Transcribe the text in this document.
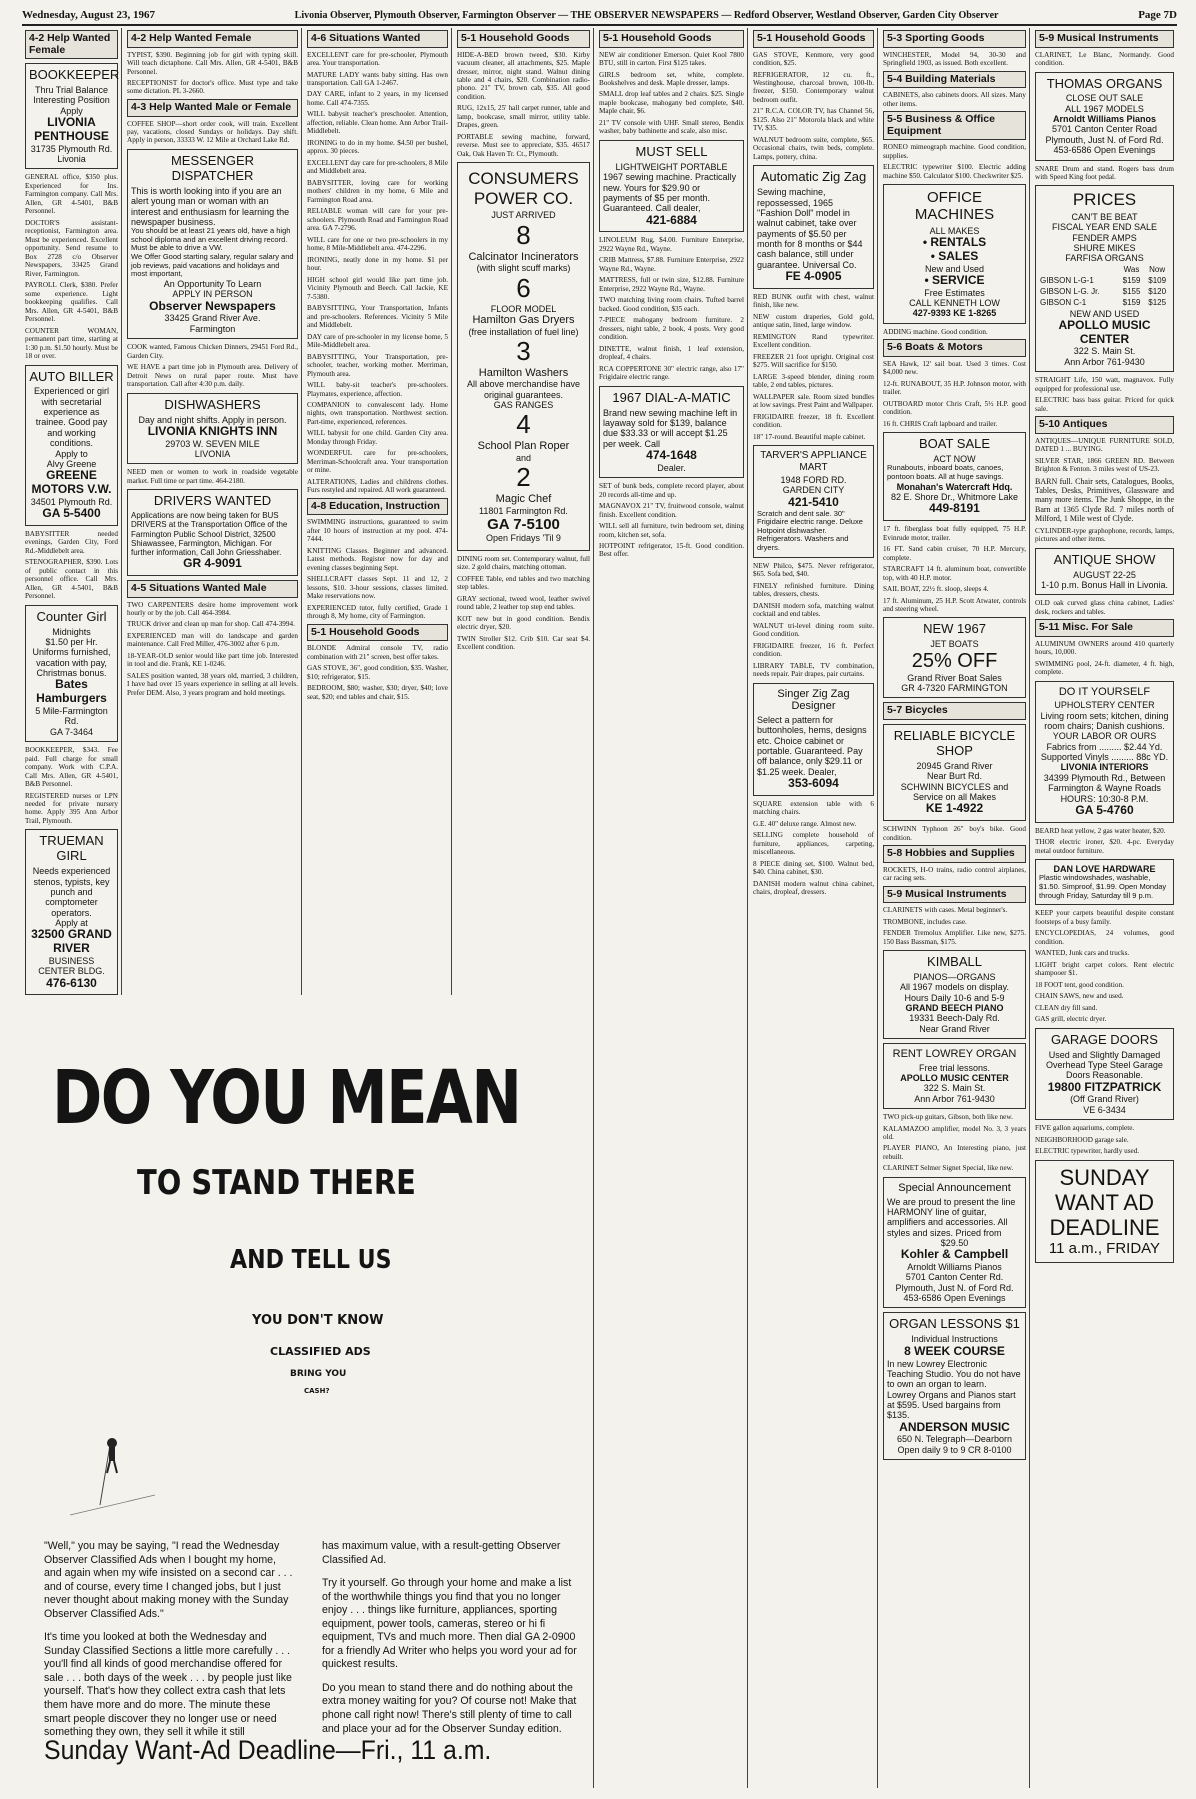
Wednesday, August 23, 1967	Livonia Observer, Plymouth Observer, Farmington Observer — THE OBSERVER NEWSPAPERS — Redford Observer, Westland Observer, Garden City Observer	Page 7D
4-2 Help Wanted Female
BOOKKEEPER
Thru Trial Balance
Interesting Position
Apply
LIVONIA PENTHOUSE
31735 Plymouth Rd.
Livonia
GENERAL office, $350 plus. Experienced for Ins. Farmington company. Call Mrs. Allen, GR 4-5401, B&B Personnel.
DOCTOR'S assistant-receptionist, Farmington area. Must be experienced. Excellent opportunity. Send resume to Box 2728 c/o Observer Newspapers, 33425 Grand River, Farmington.
PAYROLL Clerk, $380. Prefer some experience. Light bookkeeping qualifies. Call Mrs. Allen, GR 4-5401, B&B Personnel.
COUNTER WOMAN, permanent part time, starting at 1:30 p.m. $1.50 hourly. Must be 18 or over.
AUTO BILLER
Experienced or girl with secretarial experience as trainee. Good pay and working conditions.
Apply to
Alvy Greene
GREENE MOTORS V.W.
34501 Plymouth Rd.
GA 5-5400
BABYSITTER needed evenings, Garden City, Ford Rd.-Middlebelt area.
STENOGRAPHER, $390. Lots of public contact in this personnel office. Call Mrs. Allen, GR 4-5401, B&B Personnel.
Counter Girl
Midnights
$1.50 per Hr.
Uniforms furnished, vacation with pay, Christmas bonus.
Bates Hamburgers
5 Mile-Farmington Rd.
GA 7-3464
BOOKKEEPER, $343. Fee paid. Full charge for small company. Work with C.P.A. Call Mrs. Allen, GR 4-5401, B&B Personnel.
REGISTERED nurses or LPN needed for private nursery home. Apply 395 Ann Arbor Trail, Plymouth.
TRUEMAN GIRL
Needs experienced stenos, typists, key punch and comptometer operators.
Apply at
32500 GRAND RIVER
BUSINESS CENTER BLDG.
476-6130
4-2 Help Wanted Female
TYPIST, $390. Beginning job for girl with typing skill. Will teach dictaphone. Call Mrs. Allen, GR 4-5401, B&B Personnel.
RECEPTIONIST for doctor's office. Must type and take some dictation. PL 3-2660.
4-3 Help Wanted Male or Female
COFFEE SHOP—short order cook, will train. Excellent pay, vacations, closed Sundays or holidays. Day shift. Apply in person, 33333 W. 12 Mile at Orchard Lake Rd.
MESSENGER DISPATCHER
This is worth looking into if you are an alert young man or woman with an interest and enthusiasm for learning the newspaper business.
You should be at least 21 years old, have a high school diploma and an excellent driving record. Must be able to drive a VW.
We Offer Good starting salary, regular salary and job reviews, paid vacations and holidays and most important,
An Opportunity To Learn
APPLY IN PERSON
Observer Newspapers
33425 Grand River Ave.
Farmington
COOK wanted, Famous Chicken Dinners, 29451 Ford Rd., Garden City.
WE HAVE a part time job in Plymouth area. Delivery of Detroit News on rural paper route. Must have transportation. Call after 4:30 p.m. daily.
DISHWASHERS
Day and night shifts. Apply in person.
LIVONIA KNIGHTS INN
29703 W. SEVEN MILE
LIVONIA
NEED men or women to work in roadside vegetable market. Full time or part time. 464-2180.
DRIVERS WANTED
Applications are now being taken for BUS DRIVERS at the Transportation Office of the Farmington Public School District, 32500 Shiawassee, Farmington, Michigan. For further information, Call John Griesshaber.
GR 4-9091
4-5 Situations Wanted Male
TWO CARPENTERS desire home improvement work hourly or by the job. Call 464-3984.
TRUCK driver and clean up man for shop. Call 474-3994.
EXPERIENCED man will do landscape and garden maintenance. Call Fred Miller, 476-3002 after 6 p.m.
18-YEAR-OLD senior would like part time job. Interested in tool and die. Frank, KE 1-0246.
SALES position wanted, 38 years old, married, 3 children, I have had over 15 years experience in selling at all levels. Prefer DEM. Also, 3 years program and hold meetings.
4-6 Situations Wanted
EXCELLENT care for pre-schooler, Plymouth area. Your transportation.
MATURE LADY wants baby sitting. Has own transportation. Call GA 1-2467.
DAY CARE, infant to 2 years, in my licensed home. Call 474-7355.
WILL babysit teacher's preschooler. Attention, affection, reliable. Clean home. Ann Arbor Trail-Middlebelt.
IRONING to do in my home. $4.50 per bushel, approx. 30 pieces.
EXCELLENT day care for pre-schoolers, 8 Mile and Middlebelt area.
BABYSITTER, loving care for working mothers' children in my home, 6 Mile and Farmington Road area.
RELIABLE woman will care for your pre-schoolers. Plymouth Road and Farmington Road area. GA 7-2796.
WILL care for one or two pre-schoolers in my home, 8 Mile-Middlebelt area. 474-2296.
IRONING, neatly done in my home. $1 per hour.
HIGH school girl would like part time job. Vicinity Plymouth and Beech. Call Jackie, KE 7-5380.
BABYSITTING, Your Transportation, Infants and pre-schoolers. References. Vicinity 5 Mile and Middlebelt.
DAY care of pre-schooler in my license home, 5 Mile-Middlebelt area.
BABYSITTING, Your Transportation, pre-schooler, teacher, working mother. Merriman, Plymouth area.
WILL baby-sit teacher's pre-schoolers. Playmates, experience, affection.
COMPANION to convalescent lady. Home nights, own transportation. Northwest section. Part-time, experienced, references.
WILL babysit for one child. Garden City area. Monday through Friday.
WONDERFUL care for pre-schoolers, Merriman-Schoolcraft area. Your transportation or mine.
ALTERATIONS, Ladies and childrens clothes. Furs restyled and repaired. All work guaranteed.
4-8 Education, Instruction
SWIMMING instructions, guaranteed to swim after 10 hours of instruction at my pool. 474-7444.
KNITTING Classes. Beginner and advanced. Latest methods. Register now for day and evening classes beginning Sept.
SHELLCRAFT classes Sept. 11 and 12, 2 lessons, $10. 3-hour sessions, classes limited. Make reservations now.
EXPERIENCED tutor, fully certified, Grade 1 through 8, My home, city of Farmington.
5-1 Household Goods
BLONDE Admiral console TV, radio combination with 21" screen, best offer takes.
GAS STOVE, 36", good condition, $35. Washer, $10; refrigerator, $15.
BEDROOM, $80; washer, $30; dryer, $40; love seat, $20; end tables and chair, $15.
5-1 Household Goods
HIDE-A-BED brown tweed, $30. Kirby vacuum cleaner, all attachments, $25. Maple dresser, mirror, night stand. Walnut dining table and 4 chairs, $20. Combination radio-phono. 21" TV, brown cab, $35. All good condition.
RUG, 12x15, 25' hall carpet runner, table and lamp, bookcase, small mirror, utility table. Drapes, green.
PORTABLE sewing machine, forward, reverse. Must see to appreciate, $35. 46517 Oak, Oak Haven Tr. Ct., Plymouth.
CONSUMERS POWER CO.
JUST ARRIVED
8
Calcinator Incinerators
(with slight scuff marks)
6
FLOOR MODEL
Hamilton Gas Dryers
(free installation of fuel line)
3
Hamilton Washers
All above merchandise have original guarantees.
GAS RANGES
4
School Plan Roper
and
2
Magic Chef
11801 Farmington Rd.
GA 7-5100
Open Fridays 'Til 9
DINING room set. Contemporary walnut, full size. 2 gold chairs, matching ottoman.
COFFEE Table, end tables and two matching step tables.
GRAY sectional, tweed wool, leather swivel round table, 2 leather top step end tables.
KOT new but in good condition. Bendix electric dryer, $20.
TWIN Stroller $12. Crib $10. Car seat $4. Excellent condition.
5-1 Household Goods
NEW air conditioner Emerson. Quiet Kool 7800 BTU, still in carton. First $125 takes.
GIRLS bedroom set, white, complete. Bookshelves and desk. Maple dresser, lamps.
SMALL drop leaf tables and 2 chairs. $25. Single maple bookcase, mahogany bed complete, $40. Maple chair, $6.
21" TV console with UHF. Small stereo, Bendix washer, baby bathinette and scale, also misc.
MUST SELL
LIGHTWEIGHT PORTABLE
1967 sewing machine. Practically new. Yours for $29.90 or payments of $5 per month. Guaranteed. Call dealer,
421-6884
LINOLEUM Rug, $4.00. Furniture Enterprise, 2922 Wayne Rd., Wayne.
CRIB Mattress, $7.88. Furniture Enterprise, 2922 Wayne Rd., Wayne.
MATTRESS, full or twin size, $12.88. Furniture Enterprise, 2922 Wayne Rd., Wayne.
TWO matching living room chairs. Tufted barrel backed. Good condition, $35 each.
7-PIECE mahogany bedroom furniture. 2 dressers, night table, 2 book, 4 posts. Very good condition.
DINETTE, walnut finish, 1 leaf extension, dropleaf, 4 chairs.
RCA COPPERTONE 30" electric range, also 17" Frigidaire electric range.
1967 DIAL-A-MATIC
Brand new sewing machine left in layaway sold for $139, balance due $33.33 or will accept $1.25 per week. Call
474-1648
Dealer.
SET of bunk beds, complete record player, about 20 records all-time and up.
MAGNAVOX 21" TV, fruitwood console, walnut finish. Excellent condition.
WILL sell all furniture, twin bedroom set, dining room, kitchen set, sofa.
HOTPOINT refrigerator, 15-ft. Good condition. Best offer.
5-1 Household Goods
GAS STOVE, Kenmore, very good condition, $25.
REFRIGERATOR, 12 cu. ft., Westinghouse, charcoal brown, 100-lb. freezer, $150. Contemporary walnut bedroom outfit.
21" R.C.A. COLOR TV, has Channel 56, $125. Also 21" Motorola black and white TV, $35.
WALNUT bedroom suite, complete, $65. Occasional chairs, twin beds, complete. Lamps, pottery, china.
Automatic Zig Zag
Sewing machine, repossessed, 1965 "Fashion Doll" model in walnut cabinet, take over payments of $5.50 per month for 8 months or $44 cash balance, still under guarantee. Universal Co.
FE 4-0905
RED BUNK outfit with chest, walnut finish, like new.
NEW custom draperies, Gold gold, antique satin, lined, large window.
REMINGTON Rand typewriter. Excellent condition.
FREEZER 21 foot upright. Original cost $275. Will sacrifice for $150.
LARGE 3-speed blender, dining room table, 2 end tables, pictures.
WALLPAPER sale. Room sized bundles at low savings. Prest Paint and Wallpaper.
FRIGIDAIRE freezer, 18 ft. Excellent condition.
18" 17-round. Beautiful maple cabinet.
TARVER'S APPLIANCE MART
1948 FORD RD.
GARDEN CITY
421-5410
Scratch and dent sale. 30" Frigidaire electric range. Deluxe Hotpoint dishwasher. Refrigerators. Washers and dryers.
NEW Philco, $475. Never refrigerator, $65. Sofa bed, $40.
FINELY refinished furniture. Dining tables, dressers, chests.
DANISH modern sofa, matching walnut cocktail and end tables.
WALNUT tri-level dining room suite. Good condition.
FRIGIDAIRE freezer, 16 ft. Perfect condition.
LIBRARY TABLE, TV combination, needs repair. Pair drapes, pair curtains.
Singer Zig Zag Designer
Select a pattern for buttonholes, hems, designs etc. Choice cabinet or portable. Guaranteed. Pay off balance, only $29.11 or $1.25 week. Dealer,
353-6094
SQUARE extension table with 6 matching chairs.
G.E. 40" deluxe range. Almost new.
SELLING complete household of furniture, appliances, carpeting, miscellaneous.
8 PIECE dining set, $100. Walnut bed, $40. China cabinet, $30.
DANISH modern walnut china cabinet, chairs, dropleaf, dressers.
5-3 Sporting Goods
WINCHESTER, Model 94, 30-30 and Springfield 1903, as issued. Both excellent.
5-4 Building Materials
CABINETS, also cabinets doors. All sizes. Many other items.
5-5 Business & Office Equipment
RONEO mimeograph machine. Good condition, supplies.
ELECTRIC typewriter $100. Electric adding machine $50. Calculator $100. Checkwriter $25.
OFFICE MACHINES
ALL MAKES
• RENTALS
• SALES
New and Used
• SERVICE
Free Estimates
CALL KENNETH LOW
427-9393 KE 1-8265
ADDING machine. Good condition.
5-6 Boats & Motors
SEA Hawk, 12' sail boat. Used 3 times. Cost $4,000 new.
12-ft. RUNABOUT, 35 H.P. Johnson motor, with trailer.
OUTBOARD motor Chris Craft, 5½ H.P. good condition.
16 ft. CHRIS Craft lapboard and trailer.
BOAT SALE
ACT NOW
Runabouts, inboard boats, canoes, pontoon boats. All at huge savings.
Monahan's Watercraft Hdq.
82 E. Shore Dr., Whitmore Lake
449-8191
17 ft. fiberglass boat fully equipped, 75 H.P. Evinrude motor, trailer.
16 FT. Sand cabin cruiser, 70 H.P. Mercury, complete.
STARCRAFT 14 ft. aluminum boat, convertible top, with 40 H.P. motor.
SAIL BOAT, 22½ ft. sloop, sleeps 4.
17 ft. Aluminum, 25 H.P. Scott Atwater, controls and steering wheel.
NEW 1967
JET BOATS
25% OFF
Grand River Boat Sales
GR 4-7320 FARMINGTON
5-7 Bicycles
RELIABLE BICYCLE SHOP
20945 Grand River
Near Burt Rd.
SCHWINN BICYCLES and Service on all Makes
KE 1-4922
SCHWINN Typhoon 26" boy's bike. Good condition.
5-8 Hobbies and Supplies
ROCKETS, H-O trains, radio control airplanes, car racing sets.
5-9 Musical Instruments
CLARINETS with cases. Metal beginner's.
TROMBONE, includes case.
FENDER Tremolux Amplifier. Like new, $275. 150 Bass Bassman, $175.
KIMBALL
PIANOS—ORGANS
All 1967 models on display.
Hours Daily 10-6 and 5-9
GRAND BEECH PIANO
19331 Beech-Daly Rd.
Near Grand River
RENT LOWREY ORGAN
Free trial lessons.
APOLLO MUSIC CENTER
322 S. Main St.
Ann Arbor 761-9430
TWO pick-up guitars, Gibson, both like new.
KALAMAZOO amplifier, model No. 3, 3 years old.
PLAYER PIANO, An Interesting piano, just rebuilt.
CLARINET Selmer Signet Special, like new.
Special Announcement
We are proud to present the line HARMONY line of guitar, amplifiers and accessories. All styles and sizes. Priced from
$29.50
Kohler & Campbell
Arnoldt Williams Pianos
5701 Canton Center Rd.
Plymouth, Just N. of Ford Rd.
453-6586 Open Evenings
ORGAN LESSONS $1
Individual Instructions
8 WEEK COURSE
In new Lowrey Electronic Teaching Studio. You do not have to own an organ to learn.
Lowrey Organs and Pianos start at $595. Used bargains from $135.
ANDERSON MUSIC
650 N. Telegraph—Dearborn
Open daily 9 to 9 CR 8-0100
5-9 Musical Instruments
CLARINET, Le Blanc, Normandy. Good condition.
THOMAS ORGANS
CLOSE OUT SALE
ALL 1967 MODELS
Arnoldt Williams Pianos
5701 Canton Center Road
Plymouth, Just N. of Ford Rd.
453-6586 Open Evenings
SNARE Drum and stand. Rogers bass drum with Speed King foot pedal.
PRICES
CAN'T BE BEAT
FISCAL YEAR END SALE
FENDER AMPS
SHURE MIKES
FARFISA ORGANS
	Was	Now
GIBSON L-G-1	$159	$109
GIBSON L-G. Jr.	$155	$120
GIBSON C-1	$159	$125
NEW AND USED
APOLLO MUSIC CENTER
322 S. Main St.
Ann Arbor 761-9430
STRAIGHT Life, 150 watt, magnavox. Fully equipped for professional use.
ELECTRIC bass bass guitar. Priced for quick sale.
5-10 Antiques
ANTIQUES—UNIQUE FURNITURE SOLD, DATED 1 ... BUYING.
SILVER STAR, 1866 GREEN RD. Between Brighton & Fenton. 3 miles west of US-23.
BARN full. Chair sets, Catalogues, Books, Tables, Desks, Primitives, Glassware and many more items. The Junk Shoppe, in the Barn at 1365 Clyde Rd. 7 miles north of Milford, 1 Mile west of Clyde.
CYLINDER-type graphophone, records, lamps, pictures and other items.
ANTIQUE SHOW
AUGUST 22-25
1-10 p.m. Bonus Hall in Livonia.
OLD oak curved glass china cabinet, Ladies' desk, rockers and tables.
5-11 Misc. For Sale
ALUMINUM OWNERS around 410 quarterly hours, 10,000.
SWIMMING pool, 24-ft. diameter, 4 ft. high, complete.
DO IT YOURSELF
UPHOLSTERY CENTER
Living room sets; kitchen, dining room chairs; Danish cushions.
YOUR LABOR OR OURS
Fabrics from ......... $2.44 Yd.
Supported Vinyls ......... 88c YD.
LIVONIA INTERIORS
34399 Plymouth Rd., Between Farmington & Wayne Roads
HOURS: 10:30-8 P.M.
GA 5-4760
BEARD heat yellow, 2 gas water heater, $20.
THOR electric ironer, $20. 4-pc. Everyday metal outdoor furniture.
DAN LOVE HARDWARE
Plastic windowshades, washable, $1.50. Simproof, $1.99. Open Monday through Friday, Saturday till 9 p.m.
KEEP your carpets beautiful despite constant footsteps of a busy family.
ENCYCLOPEDIAS, 24 volumes, good condition.
WANTED, Junk cars and trucks.
LIGHT bright carpet colors. Rent electric shampooer $1.
18 FOOT tent, good condition.
CHAIN SAWS, new and used.
CLEAN dry fill sand.
GAS grill, electric dryer.
GARAGE DOORS
Used and Slightly Damaged Overhead Type Steel Garage Doors Reasonable.
19800 FITZPATRICK
(Off Grand River)
VE 6-3434
FIVE gallon aquariums, complete.
NEIGHBORHOOD garage sale.
ELECTRIC typewriter, hardly used.
SUNDAY
WANT AD
DEADLINE
11 a.m., FRIDAY
DO YOU MEAN
TO STAND THERE
AND TELL US
YOU DON'T KNOW
CLASSIFIED ADS
BRING YOU
CASH?

"Well," you may be saying, "I read the Wednesday Observer Classified Ads when I bought my home, and again when my wife insisted on a second car . . . and of course, every time I changed jobs, but I just never thought about making money with the Sunday Observer Classified Ads."

It's time you looked at both the Wednesday and Sunday Classified Sections a little more carefully . . . you'll find all kinds of good merchandise offered for sale . . . both days of the week . . . by people just like yourself. That's how they collect extra cash that lets them have more and do more. The minute these smart people discover they no longer use or need something they own, they sell it while it still

has maximum value, with a result-getting Observer Classified Ad.

Try it yourself. Go through your home and make a list of the worthwhile things you find that you no longer enjoy . . . things like furniture, appliances, sporting equipment, power tools, cameras, stereo or hi fi equipment, TVs and much more. Then dial GA 2-0900 for a friendly Ad Writer who helps you word your ad for quickest results.

Do you mean to stand there and do nothing about the extra money waiting for you? Of course not! Make that phone call right now! There's still plenty of time to call and place your ad for the Observer Sunday edition.

Sunday Want-Ad Deadline—Fri., 11 a.m.
